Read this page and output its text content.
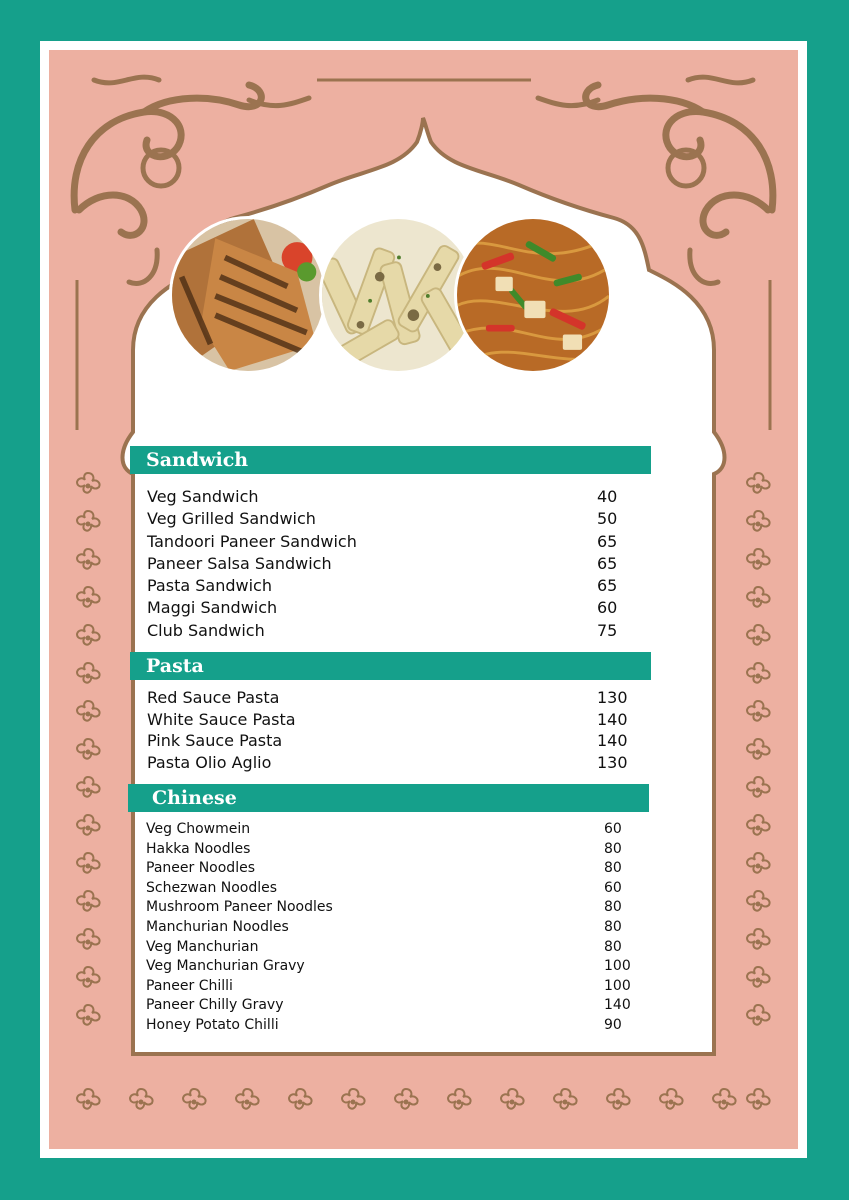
Sandwich
Veg Sandwich	40
Veg Grilled Sandwich	50
Tandoori Paneer Sandwich	65
Paneer Salsa Sandwich	65
Pasta Sandwich	65
Maggi Sandwich	60
Club Sandwich	75
Pasta
Red Sauce Pasta	130
White Sauce Pasta	140
Pink Sauce Pasta	140
Pasta Olio Aglio	130
Chinese
Veg Chowmein	60
Hakka Noodles	80
Paneer Noodles	80
Schezwan Noodles	60
Mushroom Paneer Noodles	80
Manchurian Noodles	80
Veg Manchurian	80
Veg Manchurian Gravy	100
Paneer Chilli	100
Paneer Chilly Gravy	140
Honey Potato Chilli	90
